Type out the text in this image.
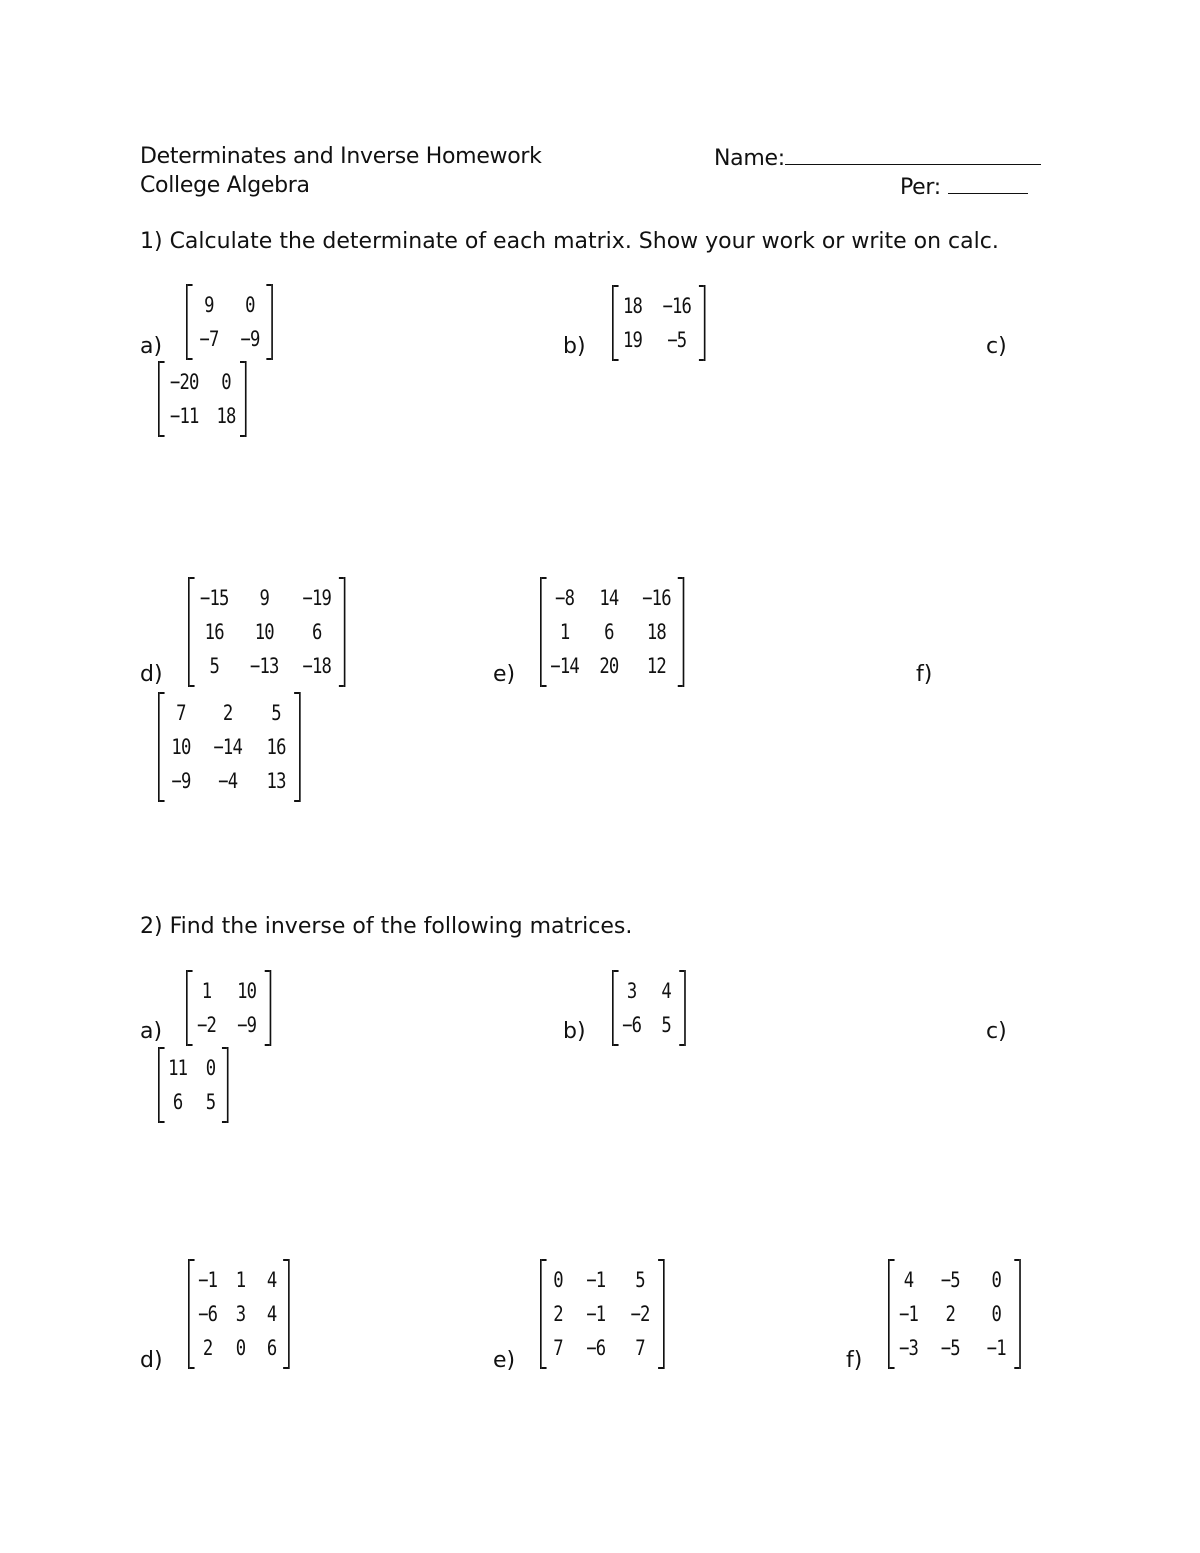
Determinates and Inverse Homework
College Algebra
Name:
Per:
1) Calculate the determinate of each matrix. Show your work or write on calc.
a)
9	0
−7 −9	b)
18 −16
19	−5	c)
−20	0
−11 18
d)
−15	9	−19
16	10	6
5	−13 −18	e)
−8	14	−16
1	6	18
−14 20	12	f)
7	2	5
10 −14	16
−9	−4	13
2) Find the inverse of the following matrices.
a)
1	10
−2	−9	b)
3	4
−6 5	c)
11 0
6	5
d)
−1 1 4
−6 3 4
2	0 6	e)
0	−1	5
2	−1	−2
7	−6	7	f)
4	−5	0
−1	2	0
−3	−5	−1
